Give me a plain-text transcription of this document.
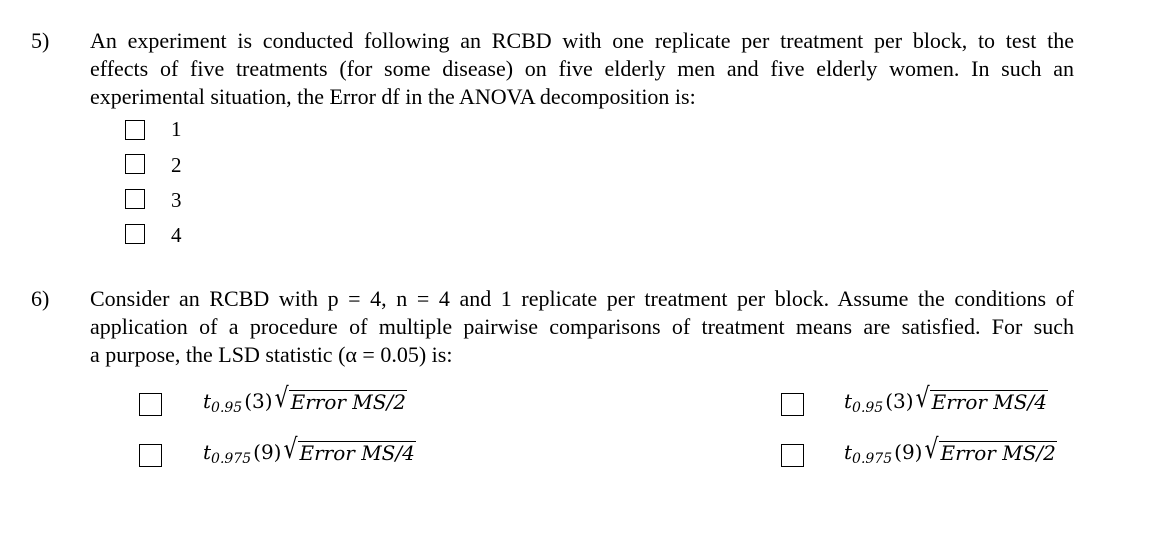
5) An experiment is conducted following an RCBD with one replicate per treatment per block, to test the
effects of five treatments (for some disease) on five elderly men and five elderly women. In such an
experimental situation, the Error df in the ANOVA decomposition is:
1
2
3
4
6) Consider an RCBD with p = 4, n = 4 and 1 replicate per treatment per block. Assume the conditions of
application of a procedure of multiple pairwise comparisons of treatment means are satisfied. For such
a purpose, the LSD statistic (α = 0.05) is:
t 0.95 (3) √ Error MS/2	t 0.95 (3) √ Error MS/4
t 0.975 (9) √ Error MS/4	t 0.975 (9) √ Error MS/2
